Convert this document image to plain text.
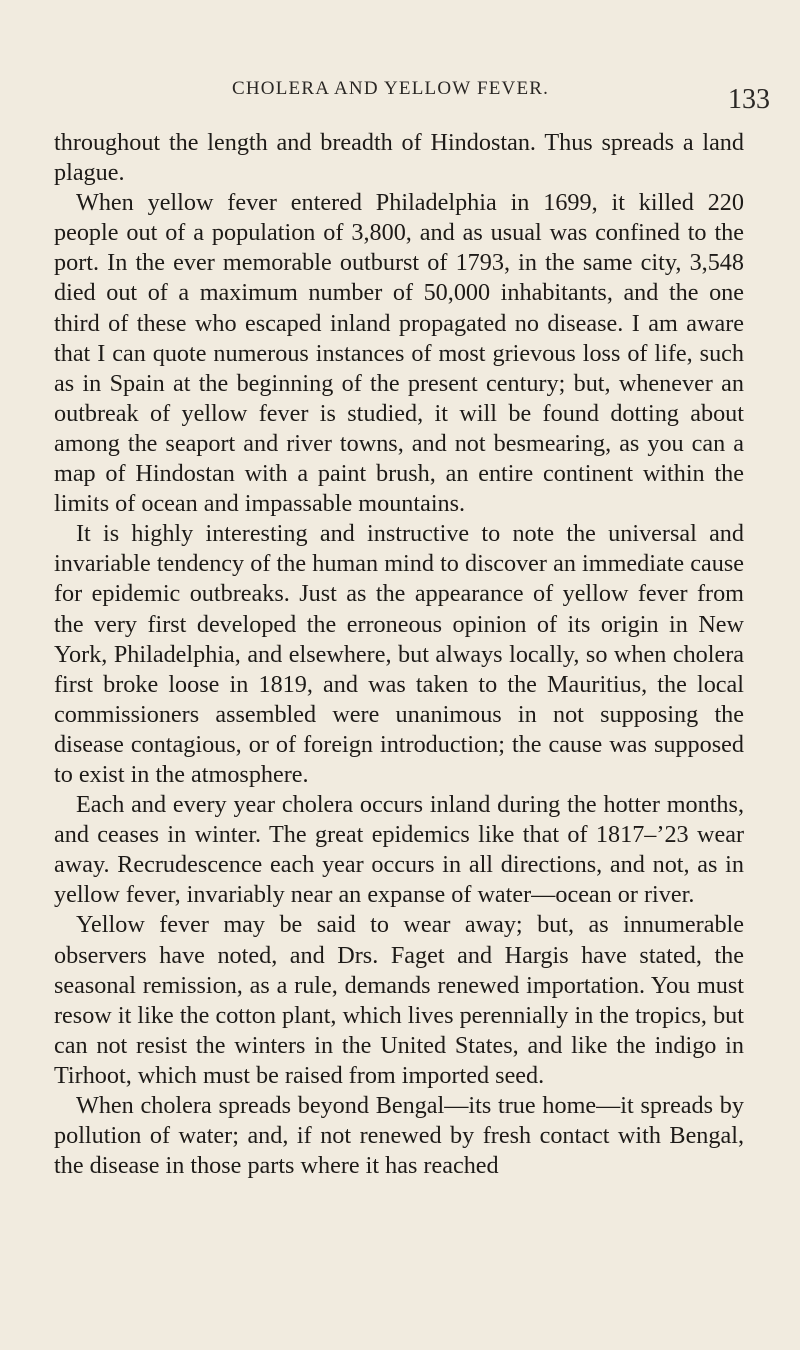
CHOLERA AND YELLOW FEVER.	133

throughout the length and breadth of Hindostan. Thus spreads a land plague.

When yellow fever entered Philadelphia in 1699, it killed 220 people out of a population of 3,800, and as usual was confined to the port. In the ever memorable outburst of 1793, in the same city, 3,548 died out of a maximum number of 50,000 inhabitants, and the one third of these who escaped inland propagated no disease. I am aware that I can quote numerous instances of most grievous loss of life, such as in Spain at the beginning of the present century; but, whenever an outbreak of yellow fever is studied, it will be found dotting about among the seaport and river towns, and not besmearing, as you can a map of Hindostan with a paint brush, an entire continent within the limits of ocean and impassable mountains.

It is highly interesting and instructive to note the universal and invariable tendency of the human mind to discover an immediate cause for epidemic outbreaks. Just as the appearance of yellow fever from the very first developed the erroneous opinion of its origin in New York, Philadelphia, and elsewhere, but always locally, so when cholera first broke loose in 1819, and was taken to the Mauritius, the local commissioners assembled were unanimous in not supposing the disease contagious, or of foreign introduction; the cause was supposed to exist in the atmosphere.

Each and every year cholera occurs inland during the hotter months, and ceases in winter. The great epidemics like that of 1817–’23 wear away. Recrudescence each year occurs in all directions, and not, as in yellow fever, invariably near an expanse of water—ocean or river.

Yellow fever may be said to wear away; but, as innumerable observers have noted, and Drs. Faget and Hargis have stated, the seasonal remission, as a rule, demands renewed importation. You must resow it like the cotton plant, which lives perennially in the tropics, but can not resist the winters in the United States, and like the indigo in Tirhoot, which must be raised from imported seed.

When cholera spreads beyond Bengal—its true home—it spreads by pollution of water; and, if not renewed by fresh contact with Bengal, the disease in those parts where it has reached
